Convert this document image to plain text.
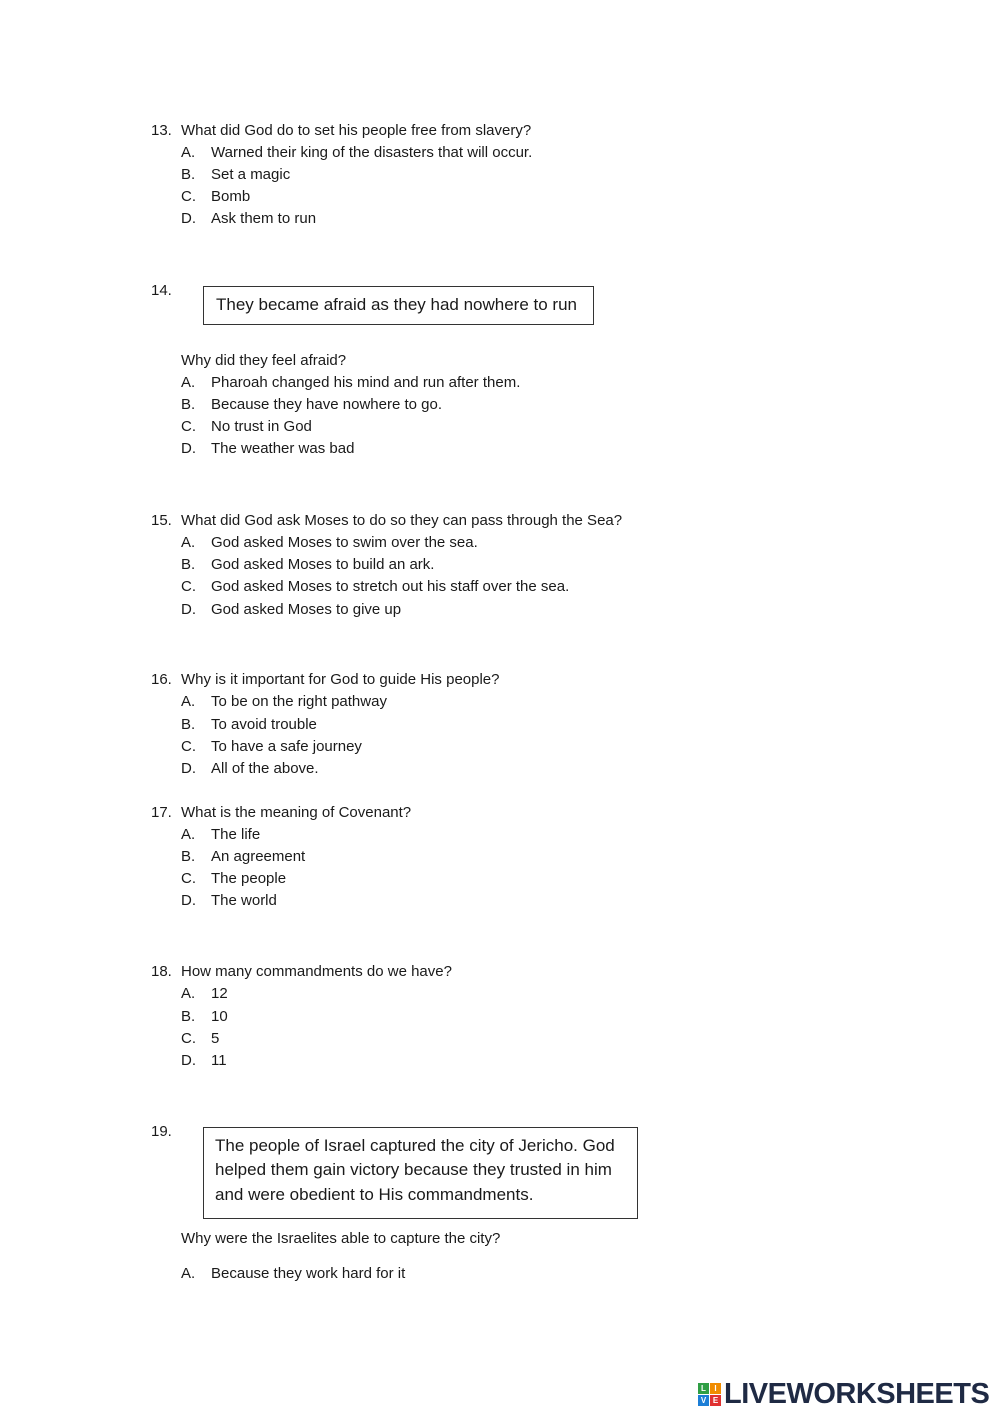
13. What did God do to set his people free from slavery?
A. Warned their king of the disasters that will occur.
B. Set a magic
C. Bomb
D. Ask them to run
14.
They became afraid as they had nowhere to run
Why did they feel afraid?
A. Pharoah changed his mind and run after them.
B. Because they have nowhere to go.
C. No trust in God
D. The weather was bad
15. What did God ask Moses to do so they can pass through the Sea?
A. God asked Moses to swim over the sea.
B. God asked Moses to build an ark.
C. God asked Moses to stretch out his staff over the sea.
D. God asked Moses to give up
16. Why is it important for God to guide His people?
A. To be on the right pathway
B. To avoid trouble
C. To have a safe journey
D. All of the above.
17. What is the meaning of Covenant?
A. The life
B. An agreement
C. The people
D. The world
18. How many commandments do we have?
A. 12
B. 10
C. 5
D. 11
19.
The people of Israel captured the city of Jericho. God
helped them gain victory because they trusted in him
and were obedient to His commandments.
Why were the Israelites able to capture the city?
A. Because they work hard for it
L	I
V E LIVEWORKSHEETS
